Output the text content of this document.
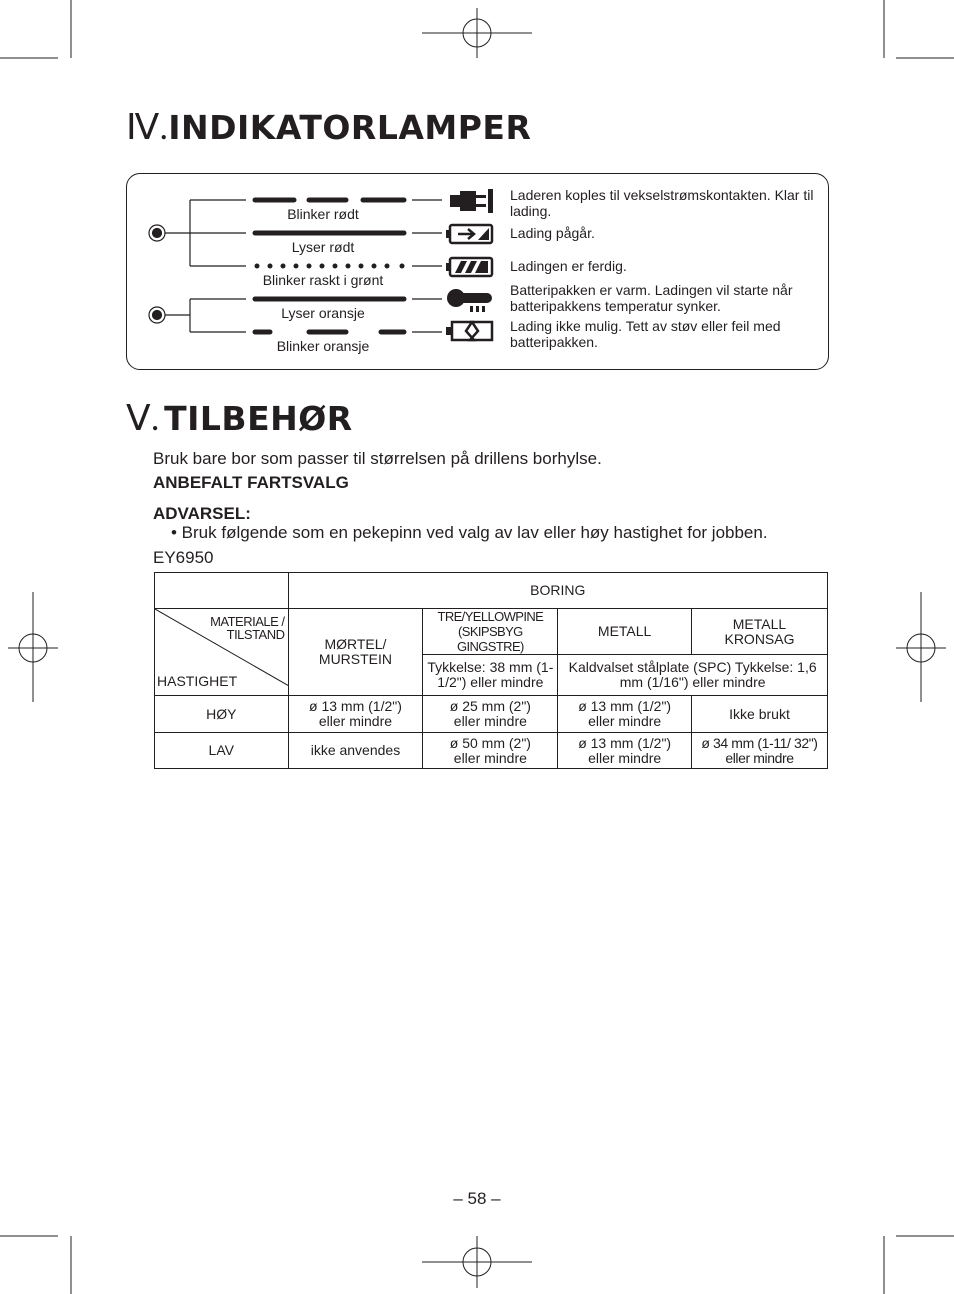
Ⅳ.INDIKATORLAMPER
Blinker rødt
Lyser rødt
Blinker raskt i grønt
Lyser oransje
Blinker oransje
Laderen koples til vekselstrømskontakten. Klar til lading.
Lading pågår.
Ladingen er ferdig.
Batteripakken er varm. Ladingen vil starte når batteripakkens temperatur synker.
Lading ikke mulig. Tett av støv eller feil med batteripakken.
Ⅴ. TILBEHØR
Bruk bare bor som passer til størrelsen på drillens borhylse.
ANBEFALT FARTSVALG
ADVARSEL:
• Bruk følgende som en pekepinn ved valg av lav eller høy hastighet for jobben.
EY6950
	BORING			

MATERIALE / TILSTAND
HASTIGHET	MØRTEL/ MURSTEIN	TRE/YELLOWPINE (SKIPSBYG GINGSTRE)	METALL	METALL KRONSAG
		Tykkelse: 38 mm (1-1/2") eller mindre	Kaldvalset stålplate (SPC) Tykkelse: 1,6 mm (1/16") eller mindre	
HØY	ø 13 mm (1/2") eller mindre	ø 25 mm (2") eller mindre	ø 13 mm (1/2") eller mindre	Ikke brukt
LAV	ikke anvendes	ø 50 mm (2") eller mindre	ø 13 mm (1/2") eller mindre	ø 34 mm (1-11/ 32") eller mindre
– 58 –
